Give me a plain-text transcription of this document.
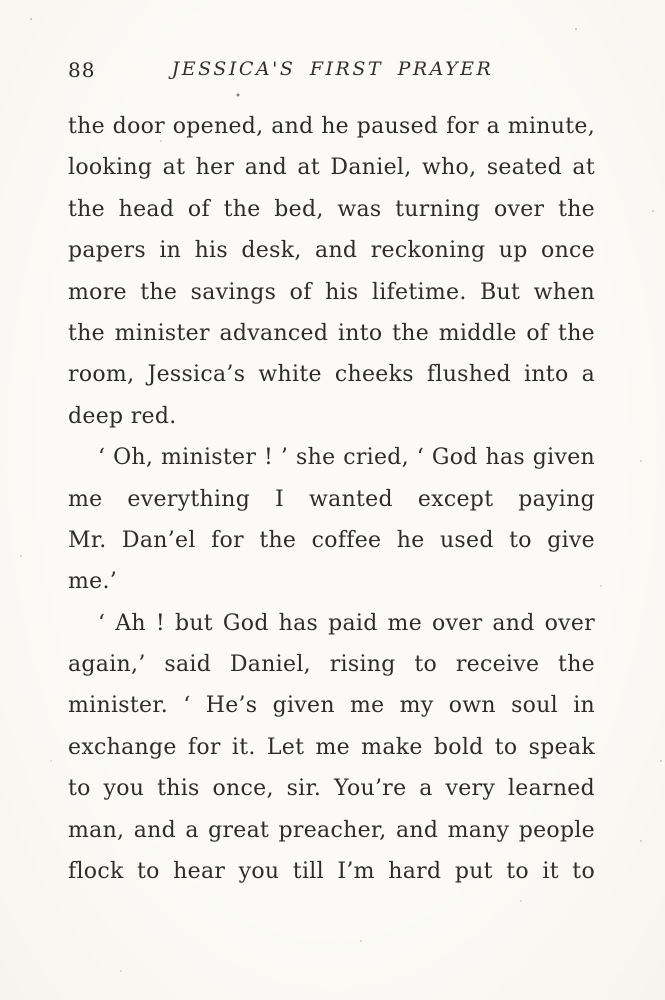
88	JESSICA'S FIRST PRAYER
the door opened, and he paused for a minute,
looking at her and at Daniel, who, seated at
the head of the bed, was turning over the
papers in his desk, and reckoning up once
more the savings of his lifetime. But when
the minister advanced into the middle of the
room, Jessica’s white cheeks flushed into a
deep red.
‘ Oh, minister ! ’ she cried, ‘ God has given
me everything I wanted except paying
Mr. Dan’el for the coffee he used to give
me.’
‘ Ah ! but God has paid me over and over
again,’ said Daniel, rising to receive the
minister. ‘ He’s given me my own soul in
exchange for it. Let me make bold to speak
to you this once, sir. You’re a very learned
man, and a great preacher, and many people
flock to hear you till I’m hard put to it to
